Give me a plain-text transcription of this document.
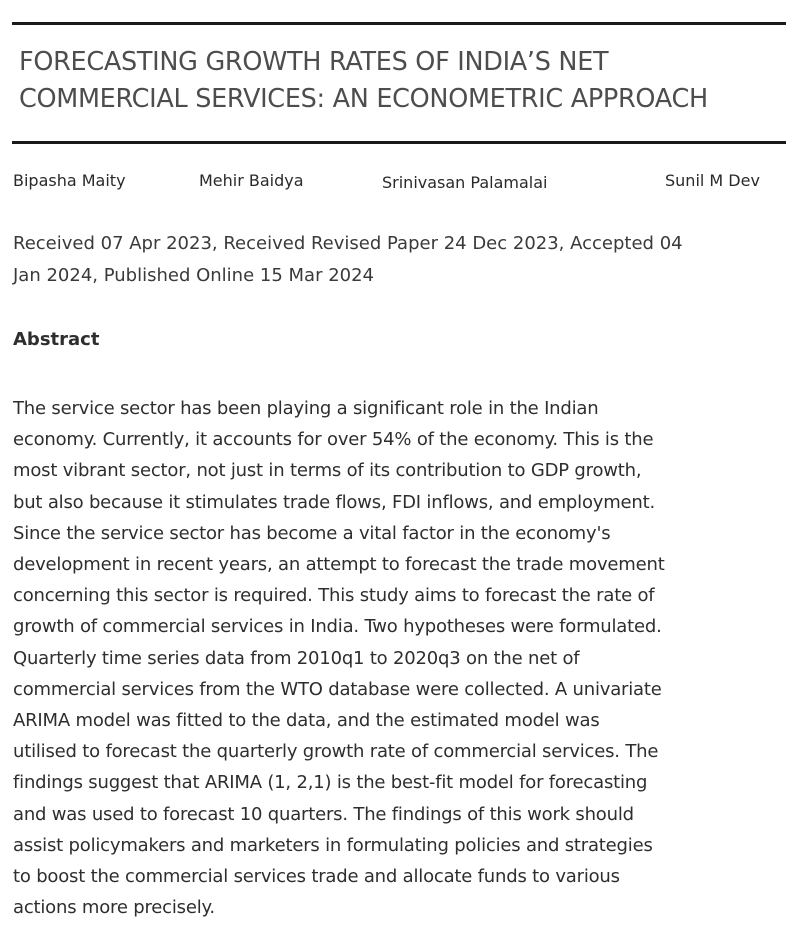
FORECASTING GROWTH RATES OF INDIA’S NET
COMMERCIAL SERVICES: AN ECONOMETRIC APPROACH
Bipasha Maity	Mehir Baidya	Srinivasan Palamalai	Sunil M Dev

Received 07 Apr 2023, Received Revised Paper 24 Dec 2023, Accepted 04
Jan 2024, Published Online 15 Mar 2024

Abstract

The service sector has been playing a significant role in the Indian
economy. Currently, it accounts for over 54% of the economy. This is the
most vibrant sector, not just in terms of its contribution to GDP growth,
but also because it stimulates trade flows, FDI inflows, and employment.
Since the service sector has become a vital factor in the economy's
development in recent years, an attempt to forecast the trade movement
concerning this sector is required. This study aims to forecast the rate of
growth of commercial services in India. Two hypotheses were formulated.
Quarterly time series data from 2010q1 to 2020q3 on the net of
commercial services from the WTO database were collected. A univariate
ARIMA model was fitted to the data, and the estimated model was
utilised to forecast the quarterly growth rate of commercial services. The
findings suggest that ARIMA (1, 2,1) is the best-fit model for forecasting
and was used to forecast 10 quarters. The findings of this work should
assist policymakers and marketers in formulating policies and strategies
to boost the commercial services trade and allocate funds to various
actions more precisely.
